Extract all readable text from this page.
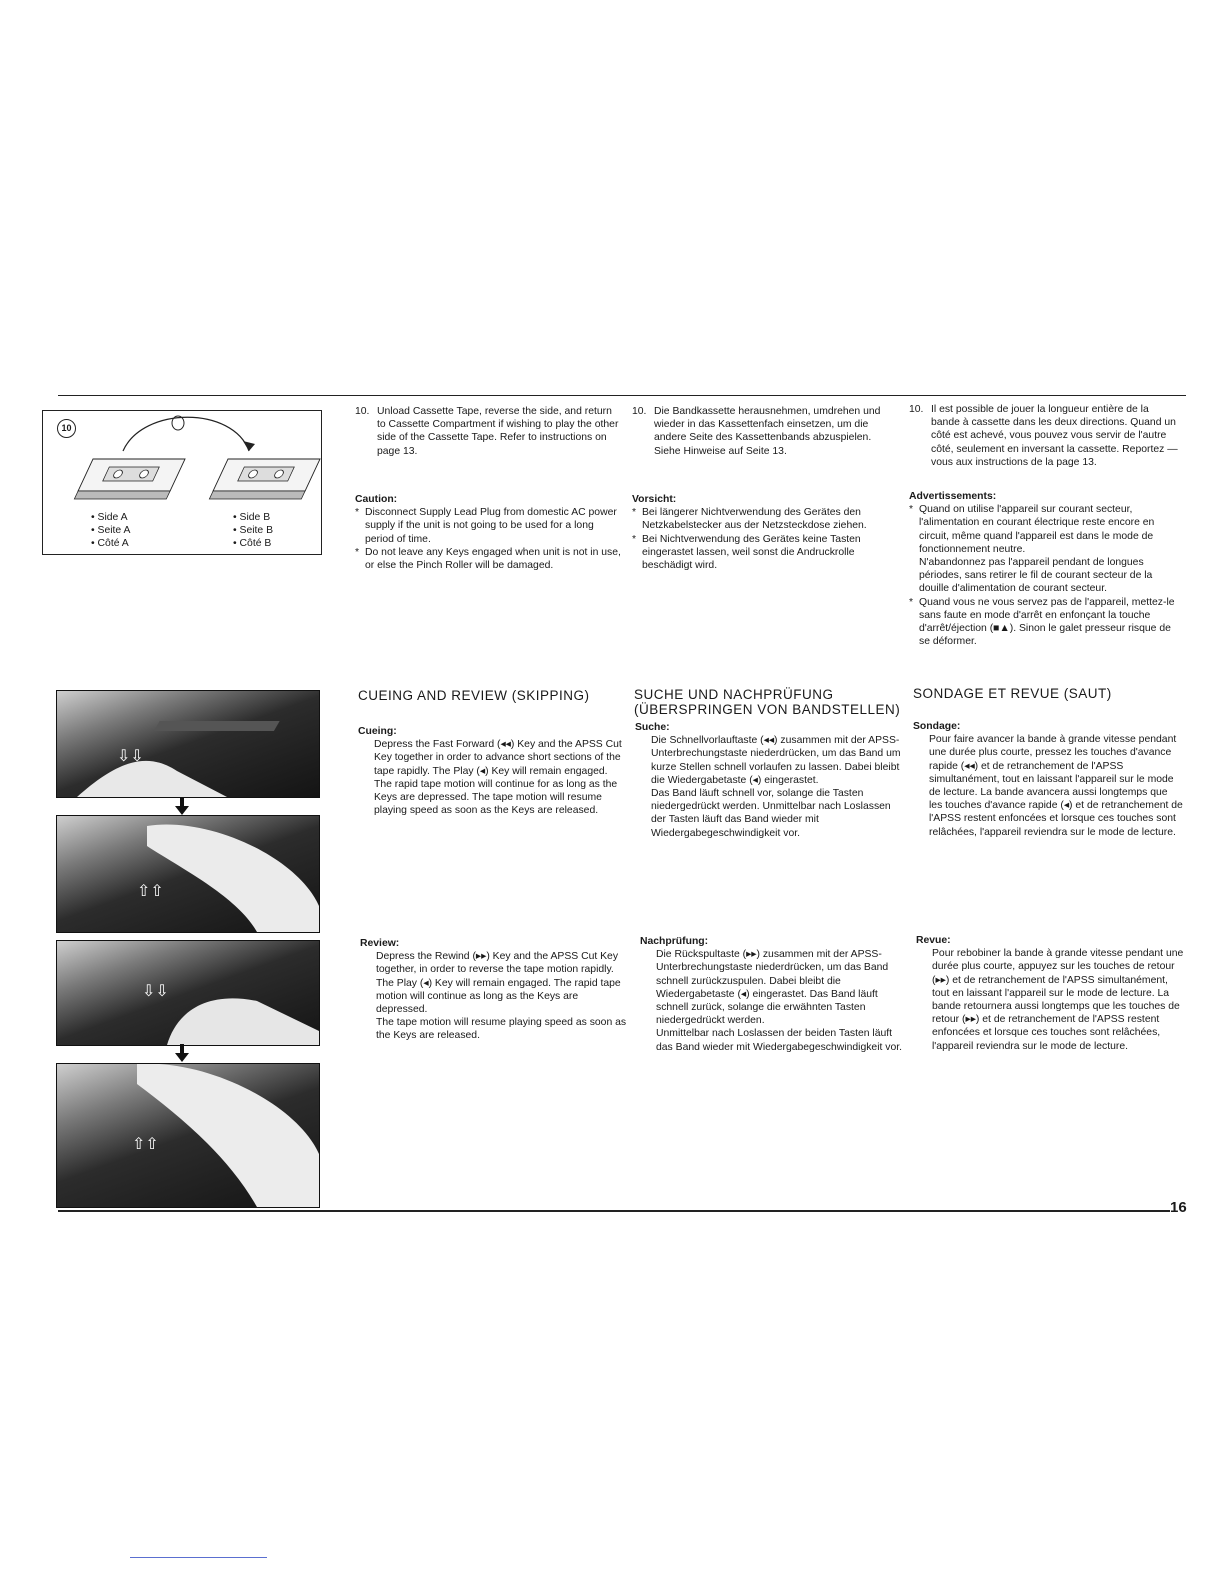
16
10
• Side A
• Seite A
• Côté A
• Side B
• Seite B
• Côté B
⇩⇩
⇧⇧
⇩⇩
⇧⇧
10. Unload Cassette Tape, reverse the side, and return to Cassette Compartment if wishing to play the other side of the Cassette Tape. Refer to instructions on page 13.

Caution:

* Disconnect Supply Lead Plug from domestic AC power supply if the unit is not going to be used for a long period of time.

* Do not leave any Keys engaged when unit is not in use, or else the Pinch Roller will be damaged.

CUEING AND REVIEW (SKIPPING)

Cueing:

Depress the Fast Forward (◂◂) Key and the APSS Cut Key together in order to advance short sections of the tape rapidly. The Play (◂) Key will remain engaged.

The rapid tape motion will continue for as long as the Keys are depressed. The tape motion will resume playing speed as soon as the Keys are released.

Review:

Depress the Rewind (▸▸) Key and the APSS Cut Key together, in order to reverse the tape motion rapidly. The Play (◂) Key will remain engaged. The rapid tape motion will continue as long as the Keys are depressed.

The tape motion will resume playing speed as soon as the Keys are released.

10. Die Bandkassette herausnehmen, umdrehen und wieder in das Kassettenfach einsetzen, um die andere Seite des Kassettenbands abzuspielen. Siehe Hinweise auf Seite 13.

Vorsicht:

* Bei längerer Nichtverwendung des Gerätes den Netzkabelstecker aus der Netzsteckdose ziehen.

* Bei Nichtverwendung des Gerätes keine Tasten eingerastet lassen, weil sonst die Andruckrolle beschädigt wird.

SUCHE UND NACHPRÜFUNG
(ÜBERSPRINGEN VON BANDSTELLEN)

Suche:

Die Schnellvorlauftaste (◂◂) zusammen mit der APSS-Unterbrechungstaste niederdrücken, um das Band um kurze Stellen schnell vorlaufen zu lassen. Dabei bleibt die Wiedergabetaste (◂) eingerastet.

Das Band läuft schnell vor, solange die Tasten niedergedrückt werden. Unmittelbar nach Loslassen der Tasten läuft das Band wieder mit Wiedergabegeschwindigkeit vor.

Nachprüfung:

Die Rückspultaste (▸▸) zusammen mit der APSS-Unterbrechungstaste niederdrücken, um das Band schnell zurückzuspulen. Dabei bleibt die Wiedergabetaste (◂) eingerastet. Das Band läuft schnell zurück, solange die erwähnten Tasten niedergedrückt werden.

Unmittelbar nach Loslassen der beiden Tasten läuft das Band wieder mit Wiedergabegeschwindigkeit vor.

10. Il est possible de jouer la longueur entière de la bande à cassette dans les deux directions. Quand un côté est achevé, vous pouvez vous servir de l'autre côté, seulement en inversant la cassette. Reportez — vous aux instructions de la page 13.

Advertissements:

* Quand on utilise l'appareil sur courant secteur, l'alimentation en courant électrique reste encore en circuit, même quand l'appareil est dans le mode de fonctionnement neutre.

N'abandonnez pas l'appareil pendant de longues périodes, sans retirer le fil de courant secteur de la douille d'alimentation de courant secteur.

* Quand vous ne vous servez pas de l'appareil, mettez-le sans faute en mode d'arrêt en enfonçant la touche d'arrêt/éjection (■▲). Sinon le galet presseur risque de se déformer.

SONDAGE ET REVUE (SAUT)

Sondage:

Pour faire avancer la bande à grande vitesse pendant une durée plus courte, pressez les touches d'avance rapide (◂◂) et de retranchement de l'APSS simultanément, tout en laissant l'appareil sur le mode de lecture. La bande avancera aussi longtemps que les touches d'avance rapide (◂) et de retranchement de l'APSS restent enfoncées et lorsque ces touches sont relâchées, l'appareil reviendra sur le mode de lecture.

Revue:

Pour rebobiner la bande à grande vitesse pendant une durée plus courte, appuyez sur les touches de retour (▸▸) et de retranchement de l'APSS simultanément, tout en laissant l'appareil sur le mode de lecture. La bande retournera aussi longtemps que les touches de retour (▸▸) et de retranchement de l'APSS restent enfoncées et lorsque ces touches sont relâchées, l'appareil reviendra sur le mode de lecture.
